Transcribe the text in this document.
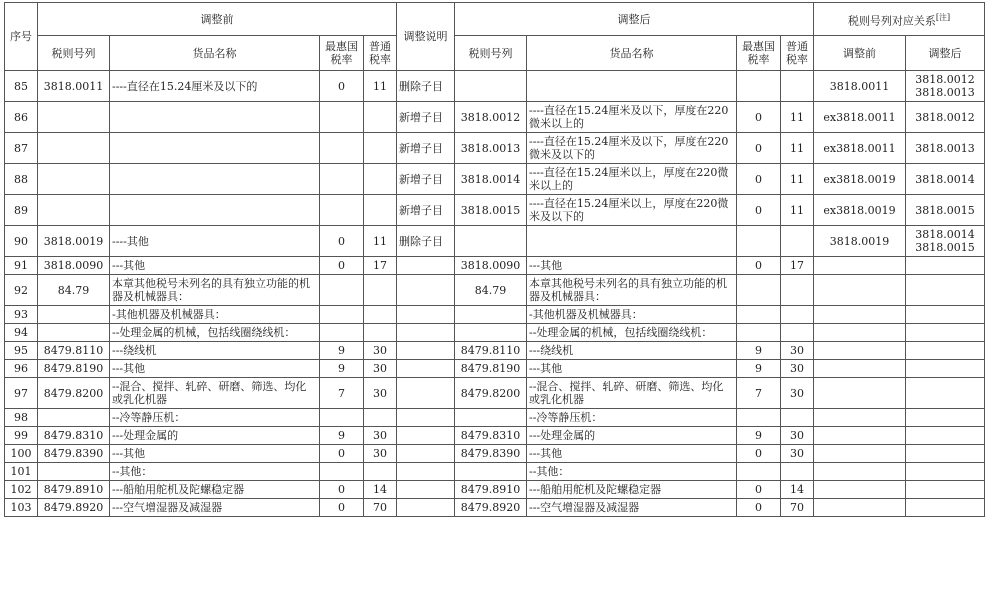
序号	调整前				调整说明	调整后				税则号列对应关系[注]
	税则号列	货品名称	最惠国税率	普通税率		税则号列	货品名称	最惠国税率	普通税率	调整前	调整后
85	3818.0011	----直径在15.24厘米及以下的	0	11	删除子目					3818.0011	3818.0012
3818.0013
86					新增子目	3818.0012	----直径在15.24厘米及以下，厚度在220微米以上的	0	11	ex3818.0011	3818.0012
87					新增子目	3818.0013	----直径在15.24厘米及以下，厚度在220微米及以下的	0	11	ex3818.0011	3818.0013
88					新增子目	3818.0014	----直径在15.24厘米以上，厚度在220微米以上的	0	11	ex3818.0019	3818.0014
89					新增子目	3818.0015	----直径在15.24厘米以上，厚度在220微米及以下的	0	11	ex3818.0019	3818.0015
90	3818.0019	----其他	0	11	删除子目					3818.0019	3818.0014
3818.0015
91	3818.0090	---其他	0	17		3818.0090	---其他	0	17		
92	84.79	本章其他税号未列名的具有独立功能的机器及机械器具：				84.79	本章其他税号未列名的具有独立功能的机器及机械器具：				
93		-其他机器及机械器具：					-其他机器及机械器具：				
94		--处理金属的机械，包括线圈绕线机：					--处理金属的机械，包括线圈绕线机：				
95	8479.8110	---绕线机	9	30		8479.8110	---绕线机	9	30		
96	8479.8190	---其他	9	30		8479.8190	---其他	9	30		
97	8479.8200	--混合、搅拌、轧碎、研磨、筛选、均化或乳化机器	7	30		8479.8200	--混合、搅拌、轧碎、研磨、筛选、均化或乳化机器	7	30		
98		--冷等静压机：					--冷等静压机：				
99	8479.8310	---处理金属的	9	30		8479.8310	---处理金属的	9	30		
100	8479.8390	---其他	0	30		8479.8390	---其他	0	30		
101		--其他：					--其他：				
102	8479.8910	---船舶用舵机及陀螺稳定器	0	14		8479.8910	---船舶用舵机及陀螺稳定器	0	14		
103	8479.8920	---空气增湿器及减湿器	0	70		8479.8920	---空气增湿器及减湿器	0	70		
